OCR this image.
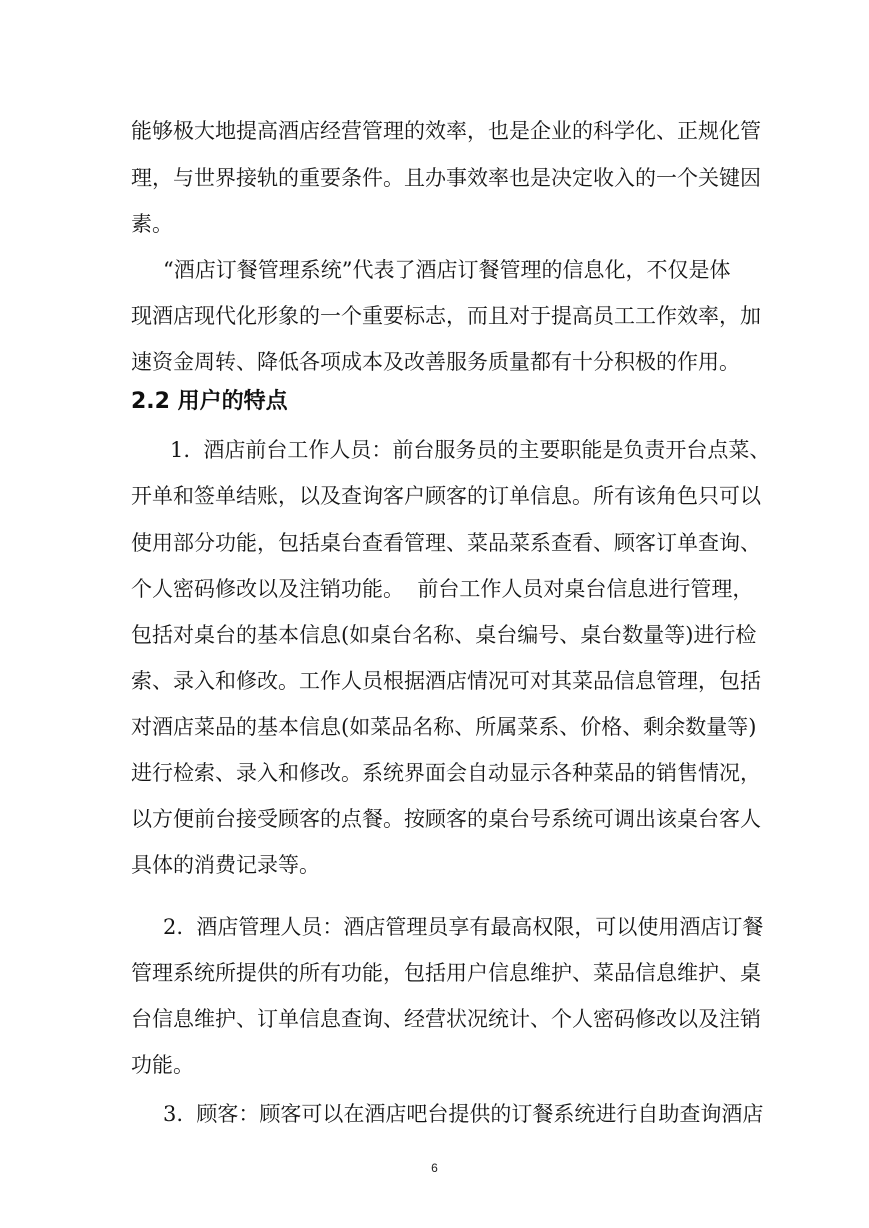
能够极大地提高酒店经营管理的效率，也是企业的科学化、正规化管
理，与世界接轨的重要条件。且办事效率也是决定收入的一个关键因
素。
“酒店订餐管理系统”代表了酒店订餐管理的信息化，不仅是体
现酒店现代化形象的一个重要标志，而且对于提高员工工作效率，加
速资金周转、降低各项成本及改善服务质量都有十分积极的作用。
2.2 用户的特点
1.  酒店前台工作人员：前台服务员的主要职能是负责开台点菜、
开单和签单结账，以及查询客户顾客的订单信息。所有该角色只可以
使用部分功能，包括桌台查看管理、菜品菜系查看、顾客订单查询、
个人密码修改以及注销功能。  前台工作人员对桌台信息进行管理，
包括对桌台的基本信息(如桌台名称、桌台编号、桌台数量等)进行检
索、录入和修改。工作人员根据酒店情况可对其菜品信息管理，包括
对酒店菜品的基本信息(如菜品名称、所属菜系、价格、剩余数量等)
进行检索、录入和修改。系统界面会自动显示各种菜品的销售情况，
以方便前台接受顾客的点餐。按顾客的桌台号系统可调出该桌台客人
具体的消费记录等。
2.  酒店管理人员：酒店管理员享有最高权限，可以使用酒店订餐
管理系统所提供的所有功能，包括用户信息维护、菜品信息维护、桌
台信息维护、订单信息查询、经营状况统计、个人密码修改以及注销
功能。
3.  顾客：顾客可以在酒店吧台提供的订餐系统进行自助查询酒店
6
